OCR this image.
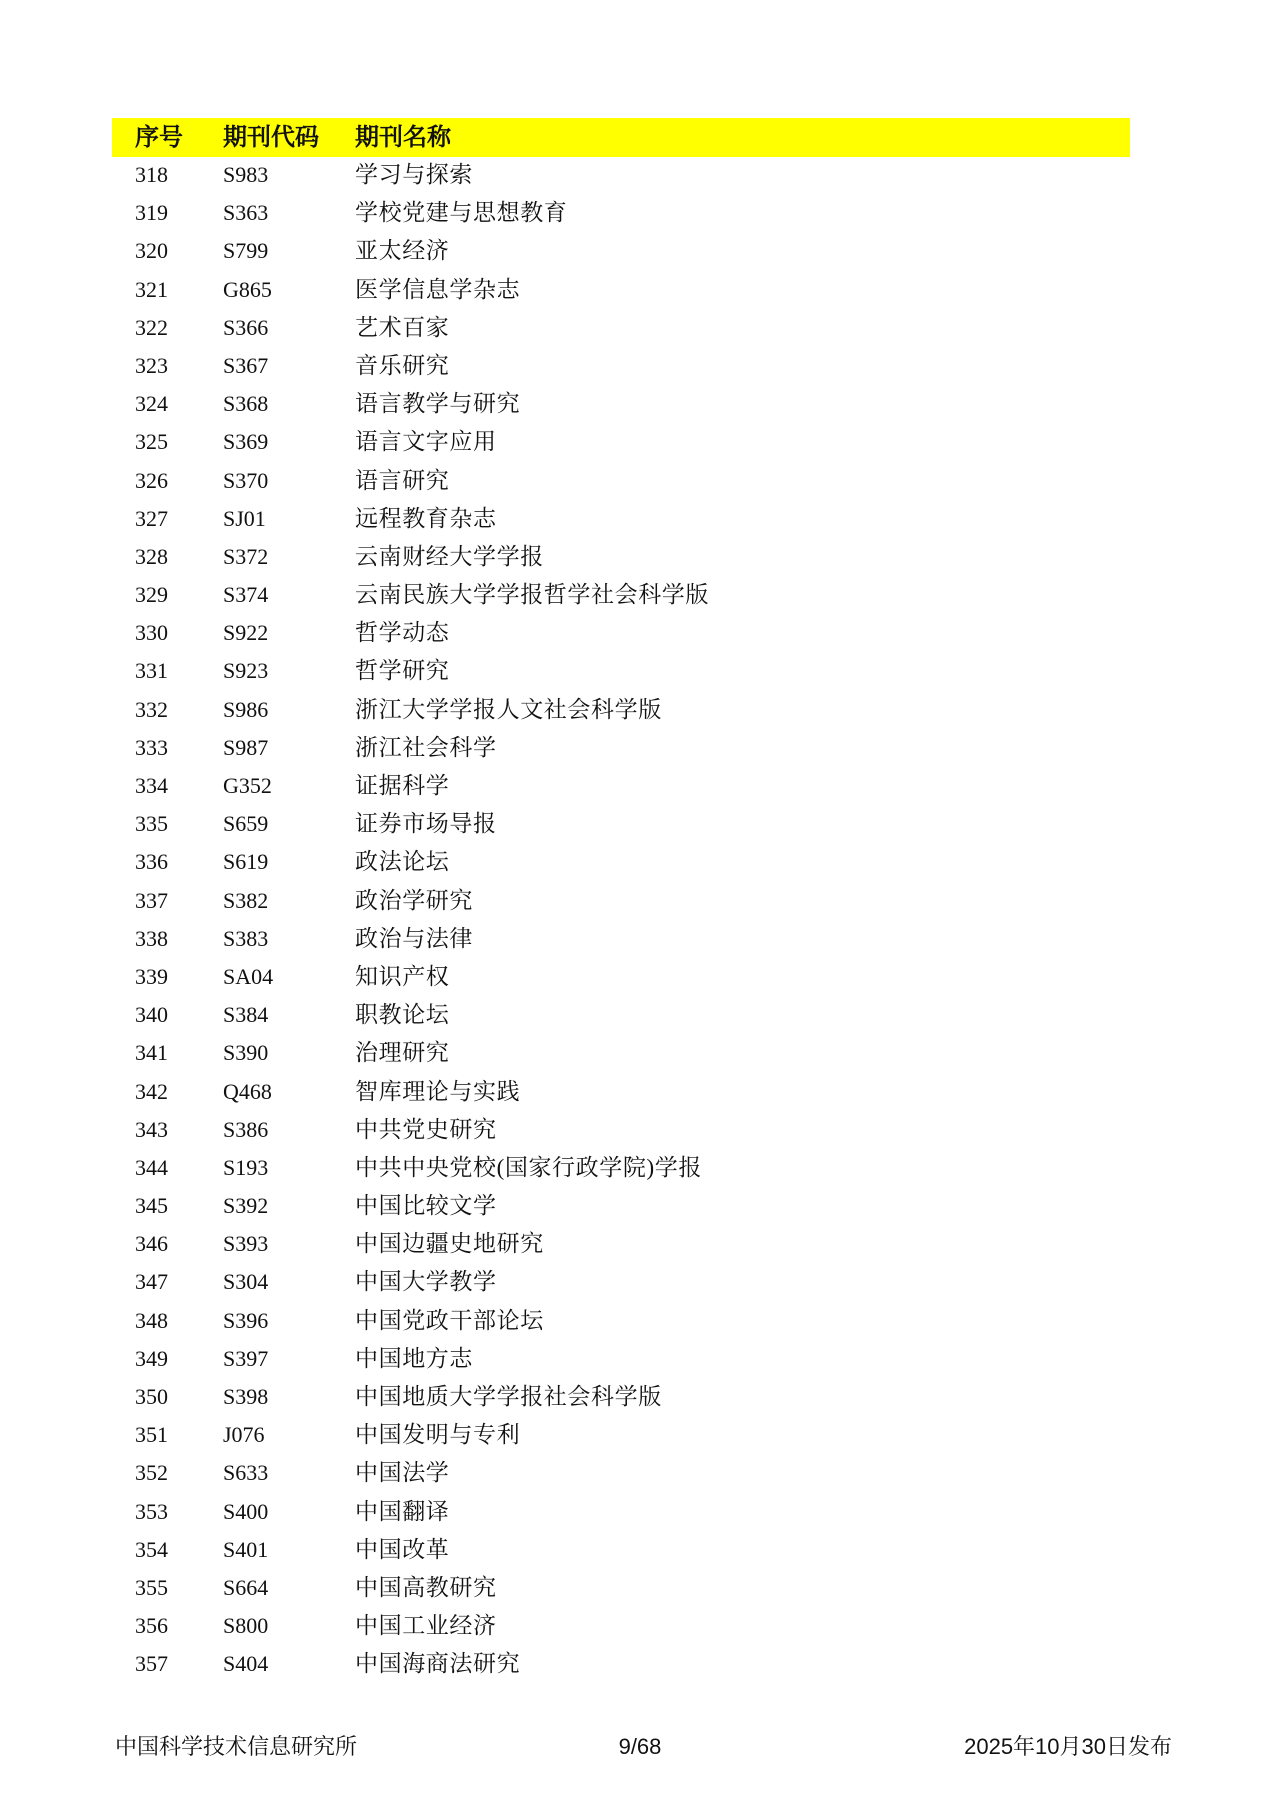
序号 期刊代码 期刊名称
318	S983	学习与探索
319	S363	学校党建与思想教育
320	S799	亚太经济
321	G865	医学信息学杂志
322	S366	艺术百家
323	S367	音乐研究
324	S368	语言教学与研究
325	S369	语言文字应用
326	S370	语言研究
327	SJ01	远程教育杂志
328	S372	云南财经大学学报
329	S374	云南民族大学学报哲学社会科学版
330	S922	哲学动态
331	S923	哲学研究
332	S986	浙江大学学报人文社会科学版
333	S987	浙江社会科学
334	G352	证据科学
335	S659	证券市场导报
336	S619	政法论坛
337	S382	政治学研究
338	S383	政治与法律
339	SA04	知识产权
340	S384	职教论坛
341	S390	治理研究
342	Q468	智库理论与实践
343	S386	中共党史研究
344	S193	中共中央党校(国家行政学院)学报
345	S392	中国比较文学
346	S393	中国边疆史地研究
347	S304	中国大学教学
348	S396	中国党政干部论坛
349	S397	中国地方志
350	S398	中国地质大学学报社会科学版
351	J076	中国发明与专利
352	S633	中国法学
353	S400	中国翻译
354	S401	中国改革
355	S664	中国高教研究
356	S800	中国工业经济
357	S404	中国海商法研究
中国科学技术信息研究所	9/68	2025年10月30日发布
